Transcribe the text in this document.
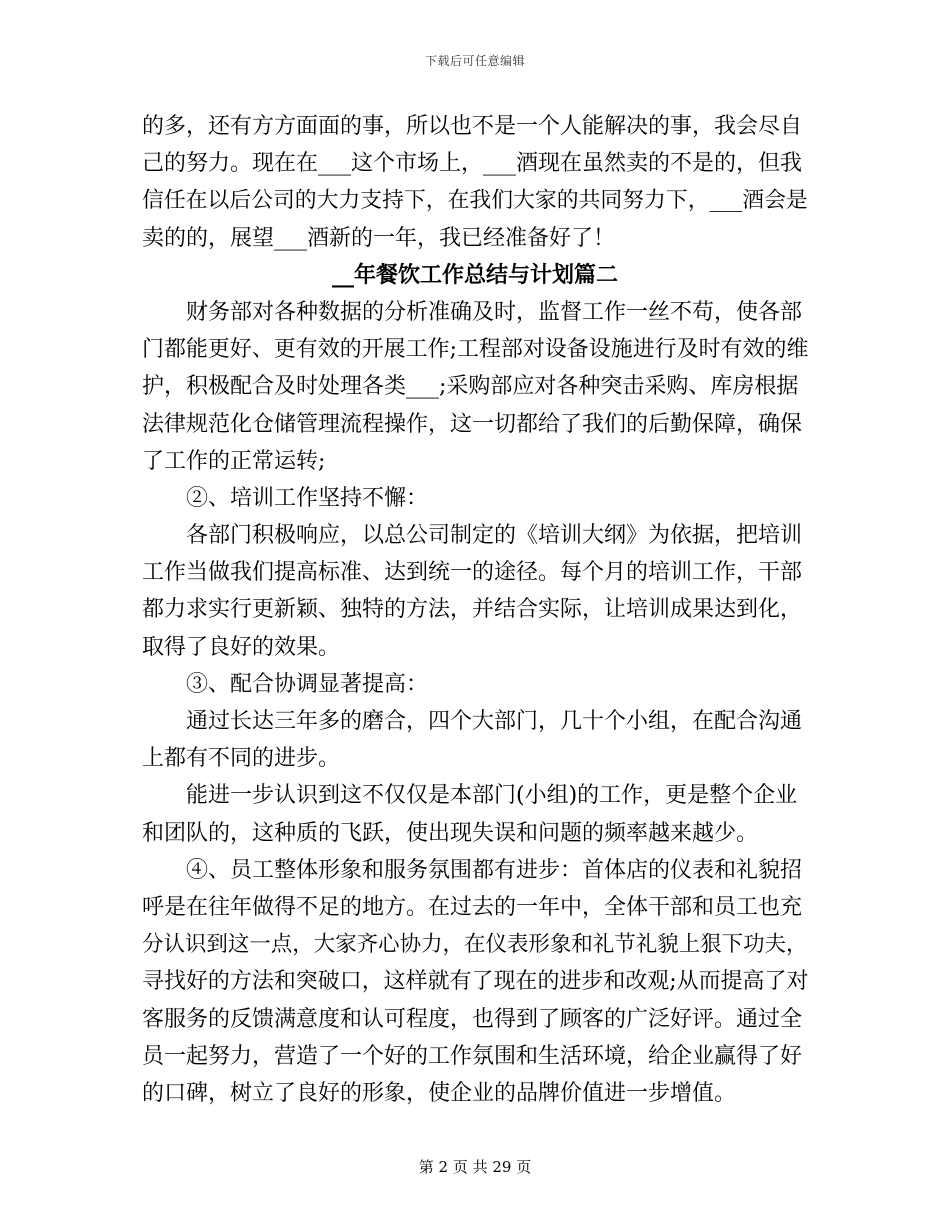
下载后可任意编辑
的多，还有方方面面的事，所以也不是一个人能解决的事，我会尽自
己的努力。现在在___这个市场上，___酒现在虽然卖的不是的，但我
信任在以后公司的大力支持下，在我们大家的共同努力下，___酒会是
卖的的，展望___酒新的一年，我已经准备好了！
__年餐饮工作总结与计划篇二
财务部对各种数据的分析准确及时，监督工作一丝不苟，使各部
门都能更好、更有效的开展工作;工程部对设备设施进行及时有效的维
护，积极配合及时处理各类___;采购部应对各种突击采购、库房根据
法律规范化仓储管理流程操作，这一切都给了我们的后勤保障，确保
了工作的正常运转;
②、培训工作坚持不懈：
各部门积极响应，以总公司制定的《培训大纲》为依据，把培训
工作当做我们提高标准、达到统一的途径。每个月的培训工作，干部
都力求实行更新颖、独特的方法，并结合实际，让培训成果达到化，
取得了良好的效果。
③、配合协调显著提高：
通过长达三年多的磨合，四个大部门，几十个小组，在配合沟通
上都有不同的进步。
能进一步认识到这不仅仅是本部门(小组)的工作，更是整个企业
和团队的，这种质的飞跃，使出现失误和问题的频率越来越少。
④、员工整体形象和服务氛围都有进步：首体店的仪表和礼貌招
呼是在往年做得不足的地方。在过去的一年中，全体干部和员工也充
分认识到这一点，大家齐心协力，在仪表形象和礼节礼貌上狠下功夫，
寻找好的方法和突破口，这样就有了现在的进步和改观;从而提高了对
客服务的反馈满意度和认可程度，也得到了顾客的广泛好评。通过全
员一起努力，营造了一个好的工作氛围和生活环境，给企业赢得了好
的口碑，树立了良好的形象，使企业的品牌价值进一步增值。
第 2 页 共 29 页
